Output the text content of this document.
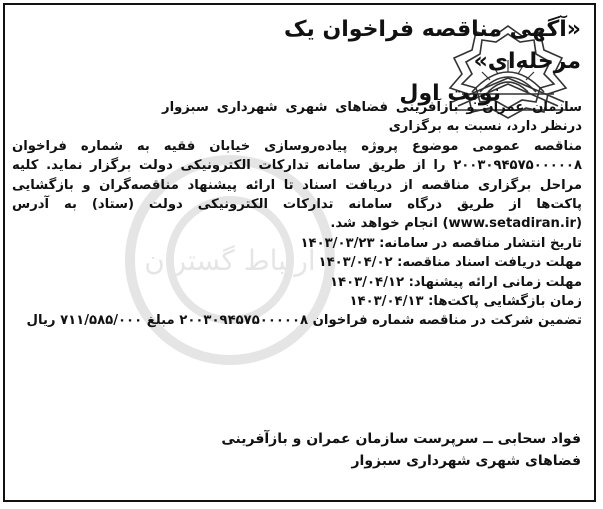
«آگهی مناقصه فراخوان یک مرحله‌ای»
نوبت اول

سازمان عمران و بازآفرینی فضاهای شهری شهرداری سبزوار درنظر دارد، نسبت به برگزاری

مناقصه عمومی موضوع پروژه پیاده‌روسازی خیابان فقیه به شماره فراخوان ۲۰۰۳۰۹۴۵۷۵۰۰۰۰۰۸ را از طریق سامانه تدارکات الکترونیکی دولت برگزار نماید. کلیه مراحل برگزاری مناقصه از دریافت اسناد تا ارائه پیشنهاد مناقصه‌گران و بازگشایی پاکت‌ها از طریق درگاه سامانه تدارکات الکترونیکی دولت (ستاد) به آدرس (www.setadiran.ir) انجام خواهد شد.

تاریخ انتشار مناقصه در سامانه: ۱۴۰۳/۰۳/۲۳
مهلت دریافت اسناد مناقصه: ۱۴۰۳/۰۴/۰۲
مهلت زمانی ارائه پیشنهاد: ۱۴۰۳/۰۴/۱۲
زمان بازگشایی پاکت‌ها: ۱۴۰۳/۰۴/۱۳

تضمین شرکت در مناقصه شماره فراخوان ۲۰۰۳۰۹۴۵۷۵۰۰۰۰۰۸ مبلغ ۷۱۱/۵۸۵/۰۰۰ ریال

فواد سحابی ــ سرپرست سازمان عمران و بازآفرینی
فضاهای شهری شهرداری سبزوار
